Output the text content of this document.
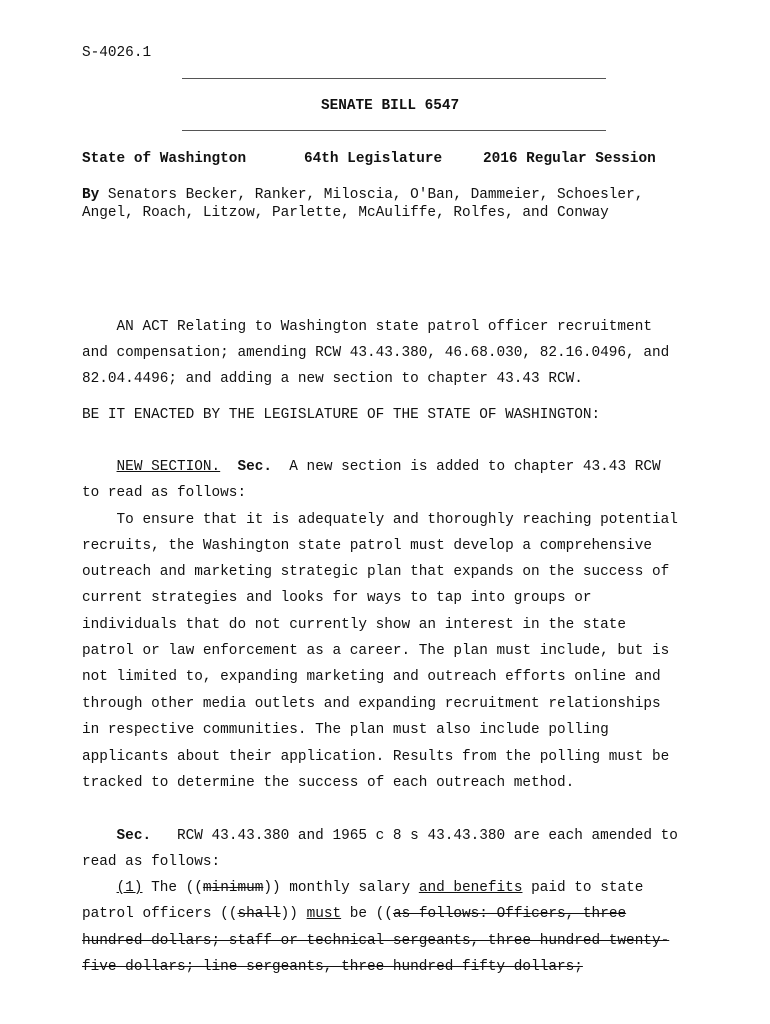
S-4026.1
SENATE BILL 6547
State of Washington	64th Legislature	2016 Regular Session
By Senators Becker, Ranker, Miloscia, O'Ban, Dammeier, Schoesler,
Angel, Roach, Litzow, Parlette, McAuliffe, Rolfes, and Conway
AN ACT Relating to Washington state patrol officer recruitment
and compensation; amending RCW 43.43.380, 46.68.030, 82.16.0496, and
82.04.4496; and adding a new section to chapter 43.43 RCW.
BE IT ENACTED BY THE LEGISLATURE OF THE STATE OF WASHINGTON:
NEW SECTION. Sec.  A new section is added to chapter 43.43 RCW
to read as follows:
To ensure that it is adequately and thoroughly reaching potential
recruits, the Washington state patrol must develop a comprehensive
outreach and marketing strategic plan that expands on the success of
current strategies and looks for ways to tap into groups or
individuals that do not currently show an interest in the state
patrol or law enforcement as a career. The plan must include, but is
not limited to, expanding marketing and outreach efforts online and
through other media outlets and expanding recruitment relationships
in respective communities. The plan must also include polling
applicants about their application. Results from the polling must be
tracked to determine the success of each outreach method.
Sec.   RCW 43.43.380 and 1965 c 8 s 43.43.380 are each amended to
read as follows:
(1) The ((minimum)) monthly salary and benefits paid to state
patrol officers ((shall)) must be ((as follows: Officers, three
hundred dollars; staff or technical sergeants, three hundred twenty-
five dollars; line sergeants, three hundred fifty dollars;
